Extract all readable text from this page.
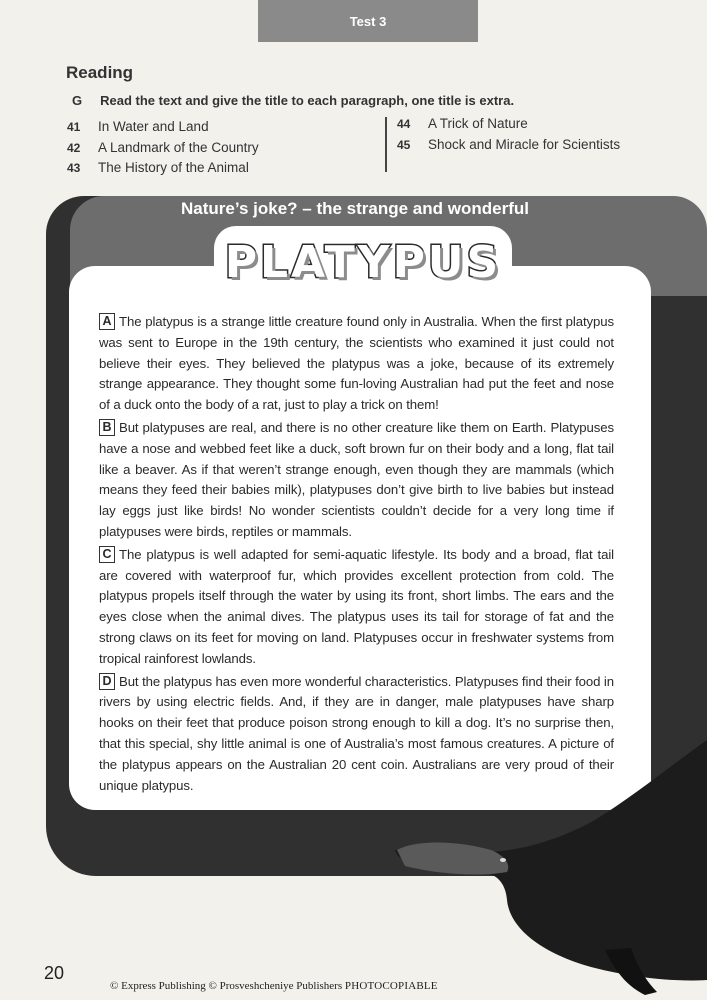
Test 3
Reading
G Read the text and give the title to each paragraph, one title is extra.
41	In Water and Land
42	A Landmark of the Country
43	The History of the Animal
44	A Trick of Nature
45	Shock and Miracle for Scientists
Nature’s joke? – the strange and wonderful
PLATYPUS

A The platypus is a strange little creature found only in Australia. When the first platypus was sent to Europe in the 19th century, the scientists who examined it just could not believe their eyes. They believed the platypus was a joke, because of its extremely strange appearance. They thought some fun-loving Australian had put the feet and nose of a duck onto the body of a rat, just to play a trick on them!

B But platypuses are real, and there is no other creature like them on Earth. Platypuses have a nose and webbed feet like a duck, soft brown fur on their body and a long, flat tail like a beaver. As if that weren’t strange enough, even though they are mammals (which means they feed their babies milk), platypuses don’t give birth to live babies but instead lay eggs just like birds! No wonder scientists couldn’t decide for a very long time if platypuses were birds, reptiles or mammals.

C The platypus is well adapted for semi-aquatic lifestyle. Its body and a broad, flat tail are covered with waterproof fur, which provides excellent protection from cold. The platypus propels itself through the water by using its front, short limbs. The ears and the eyes close when the animal dives. The platypus uses its tail for storage of fat and the strong claws on its feet for moving on land. Platypuses occur in freshwater systems from tropical rainforest lowlands.

D But the platypus has even more wonderful characteristics. Platypuses find their food in rivers by using electric fields. And, if they are in danger, male platypuses have sharp hooks on their feet that produce poison strong enough to kill a dog. It’s no surprise then, that this special, shy little animal is one of Australia’s most famous creatures. A picture of the platypus appears on the Australian 20 cent coin. Australians are very proud of their unique platypus.

20
© Express Publishing © Prosveshcheniye Publishers PHOTOCOPIABLE
